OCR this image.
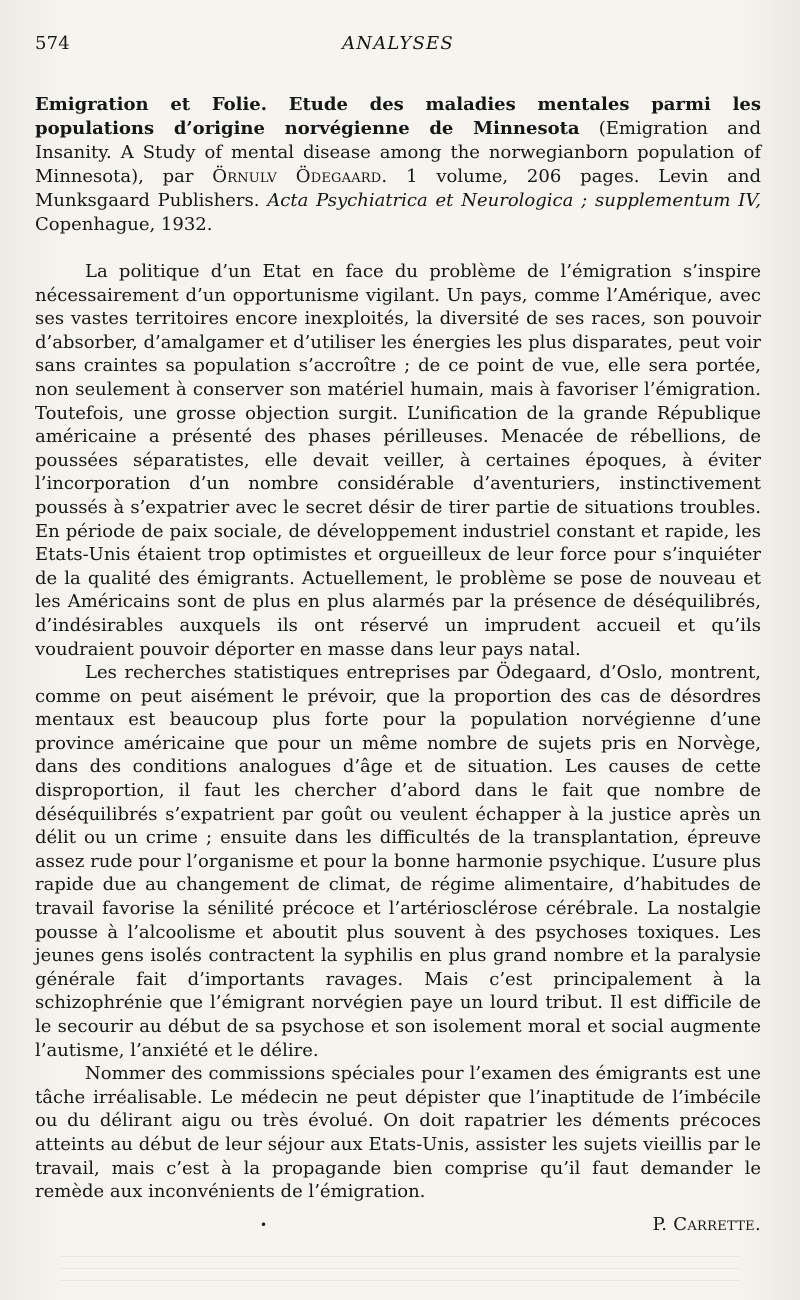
574	ANALYSES
Emigration et Folie. Etude des maladies mentales parmi les populations d’origine norvégienne de Minnesota (Emigration and Insanity. A Study of mental disease among the norwegianborn population of Minnesota), par Örnulv Ödegaard. 1 volume, 206 pages. Levin and Munksgaard Publishers. Acta Psychiatrica et Neurologica ; supplementum IV, Copenhague, 1932.

La politique d’un Etat en face du problème de l’émigration s’inspire nécessairement d’un opportunisme vigilant. Un pays, comme l’Amérique, avec ses vastes territoires encore inexploités, la diversité de ses races, son pouvoir d’absorber, d’amalgamer et d’utiliser les énergies les plus disparates, peut voir sans craintes sa population s’accroître ; de ce point de vue, elle sera portée, non seulement à conserver son matériel humain, mais à favoriser l’émigration. Toutefois, une grosse objection surgit. L’unification de la grande République américaine a présenté des phases périlleuses. Menacée de rébellions, de poussées séparatistes, elle devait veiller, à certaines époques, à éviter l’incorporation d’un nombre considérable d’aventuriers, instinctivement poussés à s’expatrier avec le secret désir de tirer partie de situations troubles. En période de paix sociale, de développement industriel constant et rapide, les Etats-Unis étaient trop optimistes et orgueilleux de leur force pour s’inquiéter de la qualité des émigrants. Actuellement, le problème se pose de nouveau et les Américains sont de plus en plus alarmés par la présence de déséquilibrés, d’indésirables auxquels ils ont réservé un imprudent accueil et qu’ils voudraient pouvoir déporter en masse dans leur pays natal.

Les recherches statistiques entreprises par Ödegaard, d’Oslo, montrent, comme on peut aisément le prévoir, que la proportion des cas de désordres mentaux est beaucoup plus forte pour la population norvégienne d’une province américaine que pour un même nombre de sujets pris en Norvège, dans des conditions analogues d’âge et de situation. Les causes de cette disproportion, il faut les chercher d’abord dans le fait que nombre de déséquilibrés s’expatrient par goût ou veulent échapper à la justice après un délit ou un crime ; ensuite dans les difficultés de la transplantation, épreuve assez rude pour l’organisme et pour la bonne harmonie psychique. L’usure plus rapide due au changement de climat, de régime alimentaire, d’habitudes de travail favorise la sénilité précoce et l’artériosclérose cérébrale. La nostalgie pousse à l’alcoolisme et aboutit plus souvent à des psychoses toxiques. Les jeunes gens isolés contractent la syphilis en plus grand nombre et la paralysie générale fait d’importants ravages. Mais c’est principalement à la schizophrénie que l’émigrant norvégien paye un lourd tribut. Il est difficile de le secourir au début de sa psychose et son isolement moral et social augmente l’autisme, l’anxiété et le délire.

Nommer des commissions spéciales pour l’examen des émigrants est une tâche irréalisable. Le médecin ne peut dépister que l’inaptitude de l’imbécile ou du délirant aigu ou très évolué. On doit rapatrier les déments précoces atteints au début de leur séjour aux Etats-Unis, assister les sujets vieillis par le travail, mais c’est à la propagande bien comprise qu’il faut demander le remède aux inconvénients de l’émigration.

•	P. Carrette.
